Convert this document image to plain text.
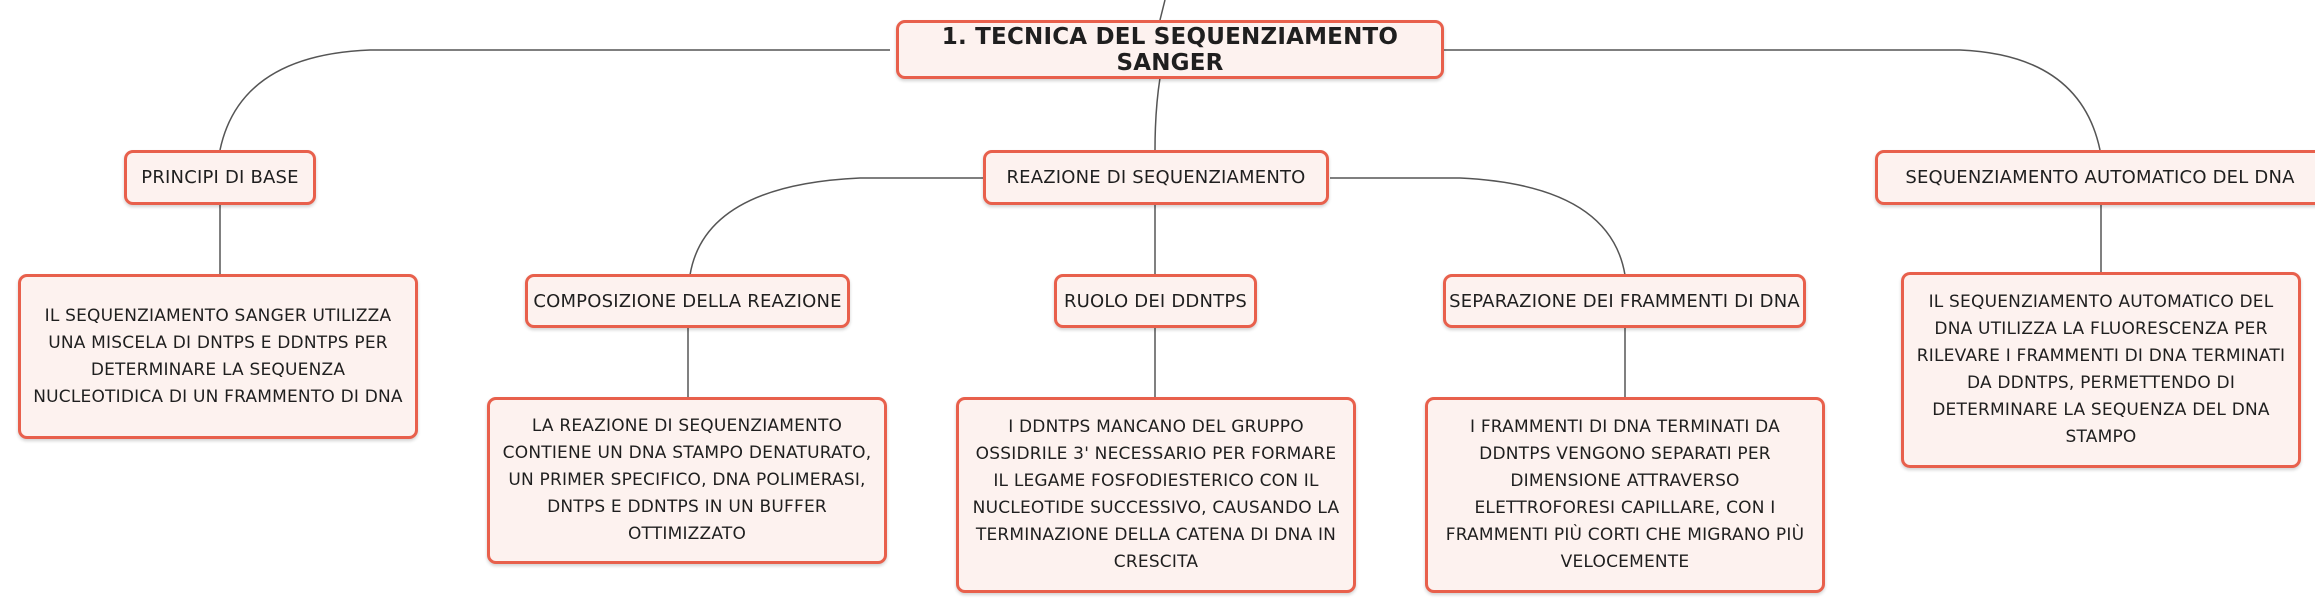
1. TECNICA DEL SEQUENZIAMENTO SANGER
PRINCIPI DI BASE	REAZIONE DI SEQUENZIAMENTO	SEQUENZIAMENTO AUTOMATICO DEL DNA
COMPOSIZIONE DELLA REAZIONE	RUOLO DEI DDNTPS	SEPARAZIONE DEI FRAMMENTI DI DNA
IL SEQUENZIAMENTO SANGER UTILIZZA UNA MISCELA DI DNTPS E DDNTPS PER DETERMINARE LA SEQUENZA NUCLEOTIDICA DI UN FRAMMENTO DI DNA
LA REAZIONE DI SEQUENZIAMENTO CONTIENE UN DNA STAMPO DENATURATO, UN PRIMER SPECIFICO, DNA POLIMERASI, DNTPS E DDNTPS IN UN BUFFER OTTIMIZZATO
I DDNTPS MANCANO DEL GRUPPO OSSIDRILE 3' NECESSARIO PER FORMARE IL LEGAME FOSFODIESTERICO CON IL NUCLEOTIDE SUCCESSIVO, CAUSANDO LA TERMINAZIONE DELLA CATENA DI DNA IN CRESCITA
I FRAMMENTI DI DNA TERMINATI DA DDNTPS VENGONO SEPARATI PER DIMENSIONE ATTRAVERSO ELETTROFORESI CAPILLARE, CON I FRAMMENTI PIÙ CORTI CHE MIGRANO PIÙ VELOCEMENTE
IL SEQUENZIAMENTO AUTOMATICO DEL DNA UTILIZZA LA FLUORESCENZA PER RILEVARE I FRAMMENTI DI DNA TERMINATI DA DDNTPS, PERMETTENDO DI DETERMINARE LA SEQUENZA DEL DNA STAMPO
